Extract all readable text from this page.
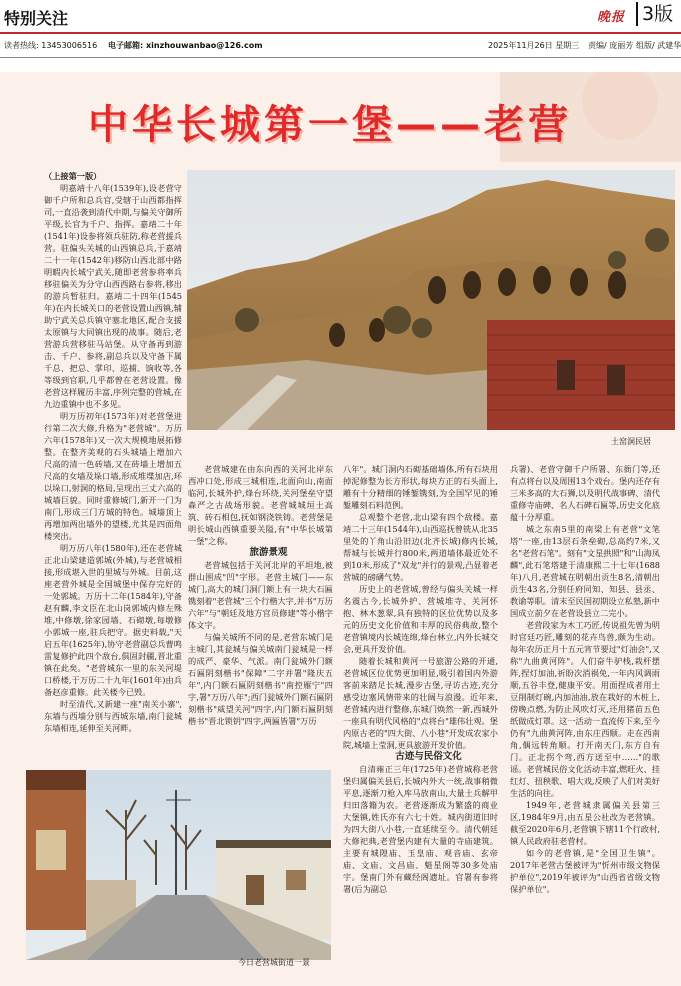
特别关注	晚报 3版
读者热线: 13453006516 电子邮箱: xinzhouwanbao@126.com	2025年11月26日 星期三 责编/ 庞丽芳 组版/ 武建华
中华长城第一堡——老营

（上接第一版）

明嘉靖十八年(1539年),设老营守御千户所和总兵官,受辖于山西都指挥司,一直沿袭到清代中期,与偏关守御所平级,长官为千户、指挥。嘉靖二十年(1541年)设参将领兵驻防,称老营援兵营。驻偏头关城的山西镇总兵,于嘉靖二十一年(1542年)移防山西北部中路明暇内长城宁武关,随即老营参将率兵移驻偏关为分守山西西路右参将,移出的游兵暂驻归。嘉靖二十四年(1545年)在内长城关口的老营设置山西镇,辅助宁武关总兵镇守塞北地区,配合支援太原镇与大同镇出现的战事。随后,老营游兵营移驻马站堡。从守备再到游击、千户、参将,副总兵以及守备下属千总、把总、掌印、巡捕、饷收等,各等级到官职,几乎都曾在老营设置。像老营这样履历丰富,序列完整的营城,在九边重镇中也不多见。

明万历初年(1573年)对老营堡进行第二次大修,升格为"老营城"。万历六年(1578年)又一次大规模地展拓修整。在整齐美观的石头城墙上增加六尺高的清一色砖墙,又在砖墙上增加五尺高的女墙及垛口墙,形成堆堞加店,环以垛口,射洞的格局,呈现出三丈六高的城墙巨貌。同时重修城门,新开一门为南门,形成三门方城的特色。城墙顶上再增加两出墙外的望楼,尤其是四面角楼突出。

明万历八年(1580年),还在老营城正北山梁建造郭城(外城),与老营城相接,形成堪入世的里城与外城。目前,这座老营外城是全国城堡中保存完好的一处郭城。万历十二年(1584年),守备赵有麟,李文臣在北山岗郭城内修左殊堆,中修墩,徐家园墙、石砌墩,每墩修小郭城一座,驻兵把守。据史料载,"天启五年(1625年),协守老营副总兵曹鸣雷复修护此四个敌台,俱固封疆,晋北重镇在此矣。"老营城东一里的东关河堤口桥楼,于万历二十九年(1601年)由兵备赵彦重修。此关楼今已毁。

时至清代,又新建一座"南关小寨",东墙与西墙分别与西城东墙,南门瓮城东墙相连,延伸至关河畔。

土窑洞民居

老营城建在由东向西的关河北岸东西冲口处,形成三城相连,北面向山,南面临河,长城外护,烽台环绕,关河堡垒守望森严之古战场形貌。老营城城垣土高筑、砖石相包,抚如钢浇铁铸。老营堡是明长城山西镇重要关隘,有"中华长城第一堡"之称。

旅游景观

老营城包括于关河北岸的平坦地,被群山围成"凹"字形。老营主城门——东城门,高大的城门洞门额上有一块大石匾镌刻着"老营城"三个行楷大字,并书"万历六年"与"朝廷及地方官员修建"等小楷字体文字。

与偏关城所不同的是,老营东城门是主城门,其瓮城与偏关城南门瓮城是一样的成严、豪华、气派。南门瓮城外门额石匾阴刻楷书"保障"二字并署"隆庆五年",内门额石匾阴刻楷书"南控雁宁"四字,署"万历八年";西门瓮城外门额石匾阴刻楷书"威望关河"四字,内门额石匾阴刻楷书"晋北锁钥"四字,两匾皆署"万历

八年"。城门洞内石砌基础墙体,所有石块用掉泥修整为长方形状,每块方正的石头面上,雕有十分精细的锤錾镌刻,为全国罕见的锤錾雕刻石料范例。

总观整个老营,北山梁有四个敌楼。嘉靖二十三年(1544年),山西巡抚曾铣从北35里处的丫角山沿旧边(北齐长城)修内长城,帮城与长城并行800米,两道墙体最近处不到10米,形成了"双龙"并行的景观,凸显着老营城的磅礴气势。

历史上的老营城,曾经与偏头关城一样名震古今,长城外护、营城堆寺、关河怀抱、林木葱翠,具有独特的区位优势以及多元的历史文化价值和丰厚的民俗典故,整个老营镇境内长城连绵,烽台林立,内外长城交会,更具开发价值。

随着长城和黄河一号旅游公路的开通,老营城区位优势更加明显,吸引着国内外游客前来踏足长城,漫步古堡,寻访古迹,充分感受边塞风情带来的壮阔与浪漫。近年来,老营城内进行整修,东城门焕然一新,西城外一座具有明代风格的"点将台"雄伟壮观。堡内原古老的"四大街、八小巷"开发成农家小院,城墙上莹洞,更具旅游开发价值。

古迹与民俗文化

自清雍正三年(1725年)老营城称老营堡归属偏关县后,长城内外大一统,战事稍微平息,逐渐刀枪入库马放南山,大量土兵解甲归田落籍为农。老营逐渐成为繁盛的商业大堡镇,姓氏亦有六七十姓。城内街道旧时为四大街八小巷,一直延续至今。清代朝廷大修祀典,老营堡内建有大量的寺庙建筑。主要有城隍庙、玉皇庙、观音庙、玄帝庙、文庙、文昌庙、魁星阁等30多处庙宇。堡南门外有藏经阁遗址。官署有参将署(后为副总

兵署)、老营守御千户所署、东衙门等,还有点将台以及周围13个戏台。堡内还存有三米多高的大石狮,以及明代战事碑、清代重修寺庙碑、名人石碑石匾等,历史文化底蕴十分厚重。

城之东南5里的南梁上有老营"文笔塔"一座,由13层石条垒砌,总高约7米,又名"老营石笔"。刻有"文星拱照"和"山海凤麟",此石笔塔建于清康熙二十七年(1688年)八月,老营城在明朝出贡生8名,清朝出贡生43名,分别任府同知、知县、县丞、教谕等职。清末至民国初期设立私塾,新中国成立前夕在老营设县立二完小。

老营段家为木工巧匠,传说祖先曾为明时官廷巧匠,雕刻的花卉鸟兽,颇为生动。每年农历正月十五元宵节要过"灯油会",又称"九曲黄河阵"。人们奋牛驴栈,栽杆摆阵,捏灯加油,祈盼次消祸免,一年内风调雨顺,五谷丰登,健康平安。用面捏成者用土豆削制灯碗,内加油油,放在栽好的木桩上,傍晚点燃,为防止风吹灯灭,还用猪苗五色纸做成灯罩。这一活动一直流传下来,至今仍有"九曲黄河阵,由东庄西顺。走在西南角,偶远转角顺。打开南天门,东方自有门。正北拐个弯,西方送至中……"的歌谣。老营城民俗文化活动丰富,燃旺火、挂红灯、扭秧歌、唱大戏,反映了人们对美好生活的向往。

1949年,老营城隶属偏关县第三区,1984年9月,由五星公社改为老营镇。截至2020年6月,老营镇下辖11个行政村,镇人民政府驻老营村。

如今的老营镇,是"全国卫生镇"。2017年老营古堡被评为"忻州市级文物保护单位",2019年被评为"山西省省级文物保护单位"。

今日老营城街道一景
